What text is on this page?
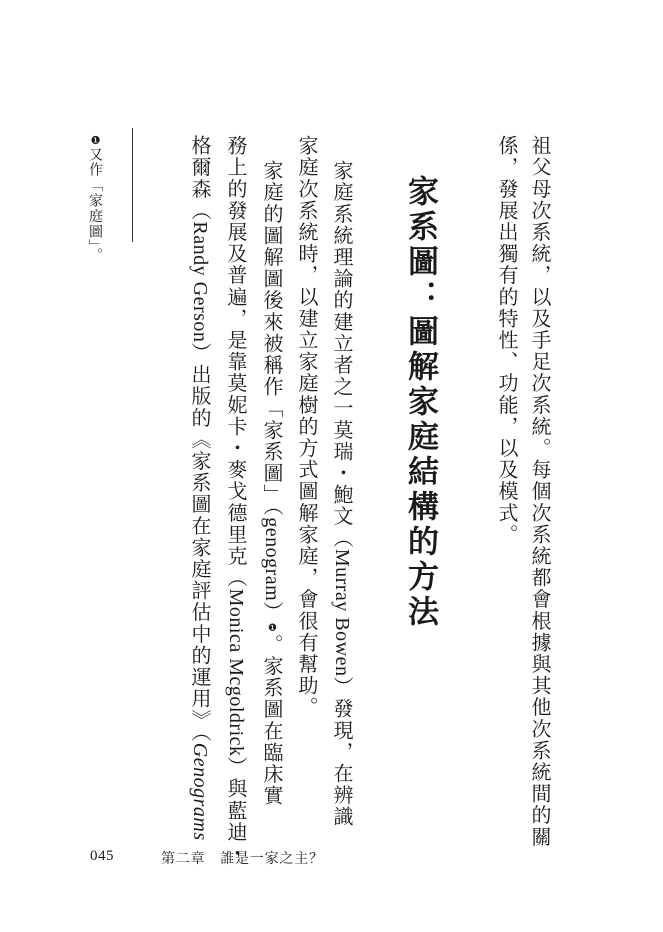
祖父母次系統，以及手足次系統。每個次系統都會根據與其他次系統間的關
係，發展出獨有的特性、功能，以及模式。
家系圖：圖解家庭結構的方法
家庭系統理論的建立者之一莫瑞・鮑文（Murray Bowen）發現，在辨識
家庭次系統時，以建立家庭樹的方式圖解家庭，會很有幫助。
家庭的圖解圖後來被稱作「家系圖」（genogram）❶。家系圖在臨床實
務上的發展及普遍，是靠莫妮卡・麥戈德里克（Monica Mcgoldrick）與藍迪・
格爾森（Randy Gerson）出版的《家系圖在家庭評估中的運用》（Genograms
❶又作「家庭圖」。
045	第二章　誰是一家之主？
